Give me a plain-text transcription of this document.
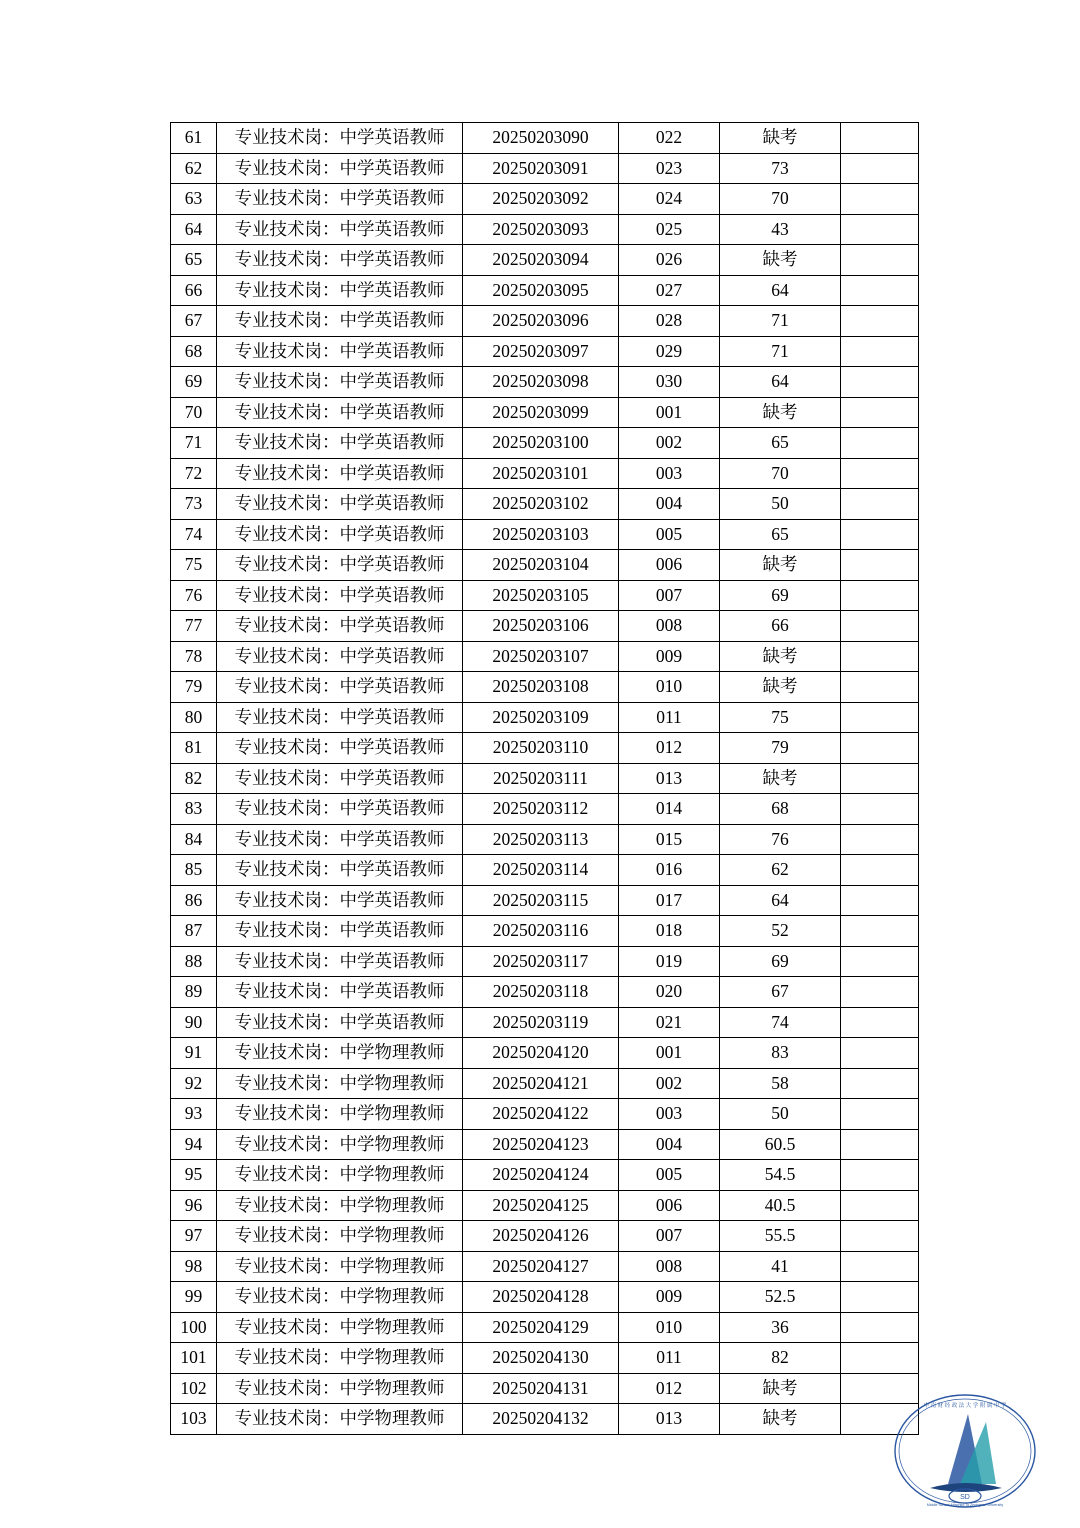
61	专业技术岗：中学英语教师	20250203090	022	缺考	
62	专业技术岗：中学英语教师	20250203091	023	73	
63	专业技术岗：中学英语教师	20250203092	024	70	
64	专业技术岗：中学英语教师	20250203093	025	43	
65	专业技术岗：中学英语教师	20250203094	026	缺考	
66	专业技术岗：中学英语教师	20250203095	027	64	
67	专业技术岗：中学英语教师	20250203096	028	71	
68	专业技术岗：中学英语教师	20250203097	029	71	
69	专业技术岗：中学英语教师	20250203098	030	64	
70	专业技术岗：中学英语教师	20250203099	001	缺考	
71	专业技术岗：中学英语教师	20250203100	002	65	
72	专业技术岗：中学英语教师	20250203101	003	70	
73	专业技术岗：中学英语教师	20250203102	004	50	
74	专业技术岗：中学英语教师	20250203103	005	65	
75	专业技术岗：中学英语教师	20250203104	006	缺考	
76	专业技术岗：中学英语教师	20250203105	007	69	
77	专业技术岗：中学英语教师	20250203106	008	66	
78	专业技术岗：中学英语教师	20250203107	009	缺考	
79	专业技术岗：中学英语教师	20250203108	010	缺考	
80	专业技术岗：中学英语教师	20250203109	011	75	
81	专业技术岗：中学英语教师	20250203110	012	79	
82	专业技术岗：中学英语教师	20250203111	013	缺考	
83	专业技术岗：中学英语教师	20250203112	014	68	
84	专业技术岗：中学英语教师	20250203113	015	76	
85	专业技术岗：中学英语教师	20250203114	016	62	
86	专业技术岗：中学英语教师	20250203115	017	64	
87	专业技术岗：中学英语教师	20250203116	018	52	
88	专业技术岗：中学英语教师	20250203117	019	69	
89	专业技术岗：中学英语教师	20250203118	020	67	
90	专业技术岗：中学英语教师	20250203119	021	74	
91	专业技术岗：中学物理教师	20250204120	001	83	
92	专业技术岗：中学物理教师	20250204121	002	58	
93	专业技术岗：中学物理教师	20250204122	003	50	
94	专业技术岗：中学物理教师	20250204123	004	60.5	
95	专业技术岗：中学物理教师	20250204124	005	54.5	
96	专业技术岗：中学物理教师	20250204125	006	40.5	
97	专业技术岗：中学物理教师	20250204126	007	55.5	
98	专业技术岗：中学物理教师	20250204127	008	41	
99	专业技术岗：中学物理教师	20250204128	009	52.5	
100	专业技术岗：中学物理教师	20250204129	010	36	
101	专业技术岗：中学物理教师	20250204130	011	82	
102	专业技术岗：中学物理教师	20250204131	012	缺考	
103	专业技术岗：中学物理教师	20250204132	013	缺考	
SD
中 南 财 经 政 法 大 学 附 属 中 学
Middle School Attached To Zhongnan University
